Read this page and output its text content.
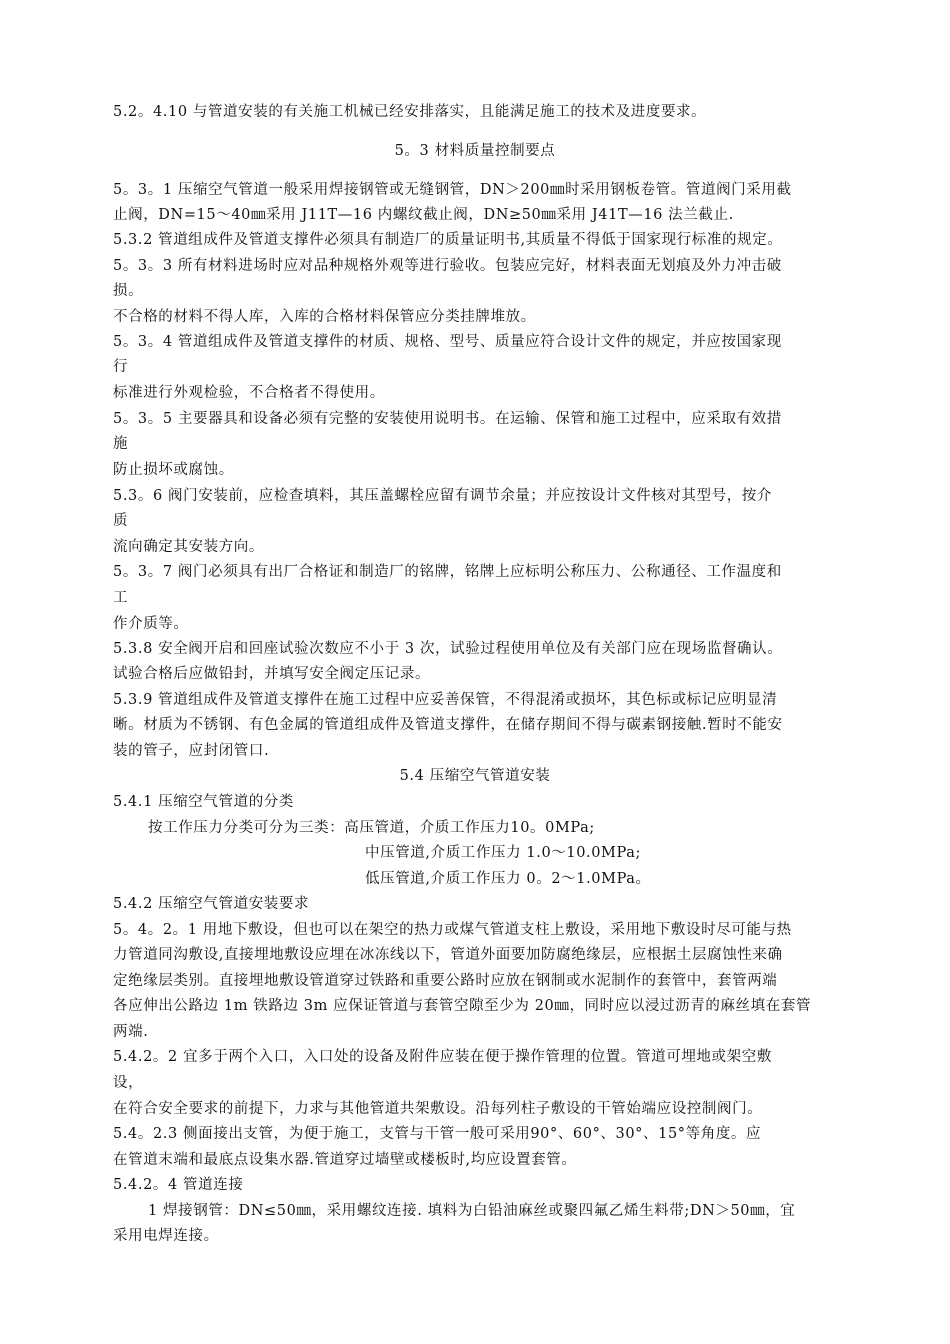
5.2。4.10 与管道安装的有关施工机械已经安排落实，且能满足施工的技术及进度要求。
5。3 材料质量控制要点
5。3。1 压缩空气管道一般采用焊接钢管或无缝钢管，DN＞200㎜时采用钢板卷管。管道阀门采用截
止阀，DN=15～40㎜采用 J11T—16 内螺纹截止阀，DN≥50㎜采用 J41T—16 法兰截止.
5.3.2 管道组成件及管道支撑件必须具有制造厂的质量证明书,其质量不得低于国家现行标准的规定。
5。3。3 所有材料进场时应对品种规格外观等进行验收。包装应完好，材料表面无划痕及外力冲击破
损。
不合格的材料不得人库，入库的合格材料保管应分类挂牌堆放。
5。3。4 管道组成件及管道支撑件的材质、规格、型号、质量应符合设计文件的规定，并应按国家现
行
标准进行外观检验，不合格者不得使用。
5。3。5 主要器具和设备必须有完整的安装使用说明书。在运输、保管和施工过程中，应采取有效措
施
防止损坏或腐蚀。
5.3。6 阀门安装前，应检查填料，其压盖螺栓应留有调节余量；并应按设计文件核对其型号，按介
质
流向确定其安装方向。
5。3。7 阀门必须具有出厂合格证和制造厂的铭牌，铭牌上应标明公称压力、公称通径、工作温度和
工
作介质等。
5.3.8 安全阀开启和回座试验次数应不小于 3 次，试验过程使用单位及有关部门应在现场监督确认。
试验合格后应做铅封，并填写安全阀定压记录。
5.3.9 管道组成件及管道支撑件在施工过程中应妥善保管，不得混淆或损坏，其色标或标记应明显清
晰。材质为不锈钢、有色金属的管道组成件及管道支撑件，在储存期间不得与碳素钢接触.暂时不能安
装的管子，应封闭管口.
5.4 压缩空气管道安装
5.4.1 压缩空气管道的分类
按工作压力分类可分为三类：高压管道，介质工作压力10。0MPa;
中压管道,介质工作压力 1.0～10.0MPa;
低压管道,介质工作压力 0。2～1.0MPa。
5.4.2 压缩空气管道安装要求
5。4。2。1 用地下敷设，但也可以在架空的热力或煤气管道支柱上敷设，采用地下敷设时尽可能与热
力管道同沟敷设,直接埋地敷设应埋在冰冻线以下，管道外面要加防腐绝缘层，应根据土层腐蚀性来确
定绝缘层类别。直接埋地敷设管道穿过铁路和重要公路时应放在钢制或水泥制作的套管中，套管两端
各应伸出公路边 1m 铁路边 3m 应保证管道与套管空隙至少为 20㎜，同时应以浸过沥青的麻丝填在套管
两端.
5.4.2。2 宜多于两个入口，入口处的设备及附件应装在便于操作管理的位置。管道可埋地或架空敷
设，
在符合安全要求的前提下，力求与其他管道共架敷设。沿每列柱子敷设的干管始端应设控制阀门。
5.4。2.3 侧面接出支管，为便于施工，支管与干管一般可采用90°、60°、30°、15°等角度。应
在管道末端和最底点设集水器.管道穿过墙壁或楼板时,均应设置套管。
5.4.2。4 管道连接
1 焊接钢管：DN≤50㎜，采用螺纹连接. 填料为白铅油麻丝或聚四氟乙烯生料带;DN＞50㎜，宜
采用电焊连接。
